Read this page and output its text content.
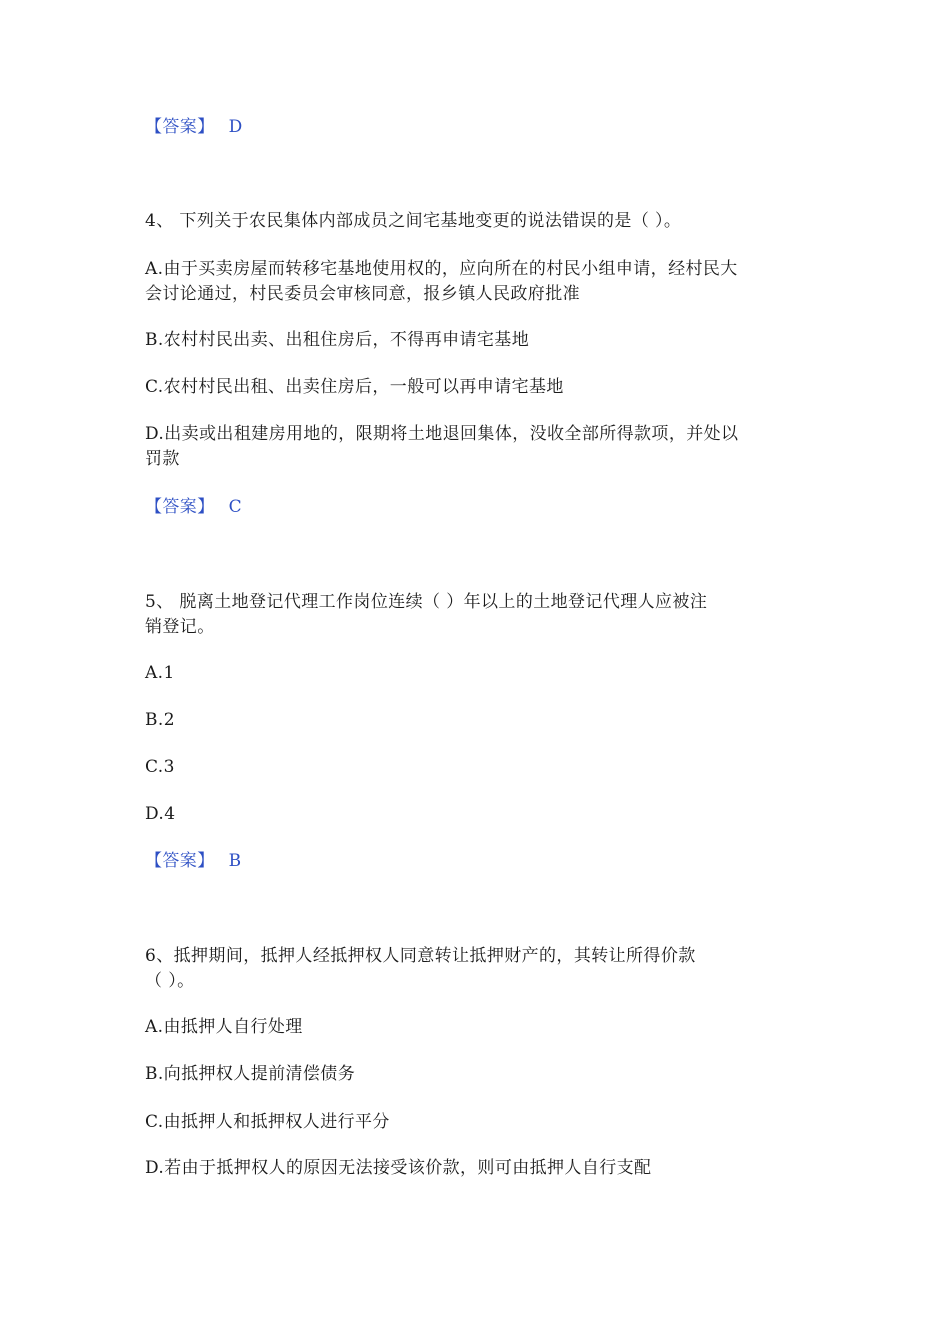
【答案】 D
4、 下列关于农民集体内部成员之间宅基地变更的说法错误的是（ ）。
A.由于买卖房屋而转移宅基地使用权的，应向所在的村民小组申请，经村民大
会讨论通过，村民委员会审核同意，报乡镇人民政府批准
B.农村村民出卖、出租住房后，不得再申请宅基地
C.农村村民出租、出卖住房后，一般可以再申请宅基地
D.出卖或出租建房用地的，限期将土地退回集体，没收全部所得款项，并处以
罚款
【答案】 C
5、 脱离土地登记代理工作岗位连续（ ）年以上的土地登记代理人应被注
销登记。
A.1
B.2
C.3
D.4
【答案】 B
6、抵押期间，抵押人经抵押权人同意转让抵押财产的，其转让所得价款
（ ）。
A.由抵押人自行处理
B.向抵押权人提前清偿债务
C.由抵押人和抵押权人进行平分
D.若由于抵押权人的原因无法接受该价款，则可由抵押人自行支配
